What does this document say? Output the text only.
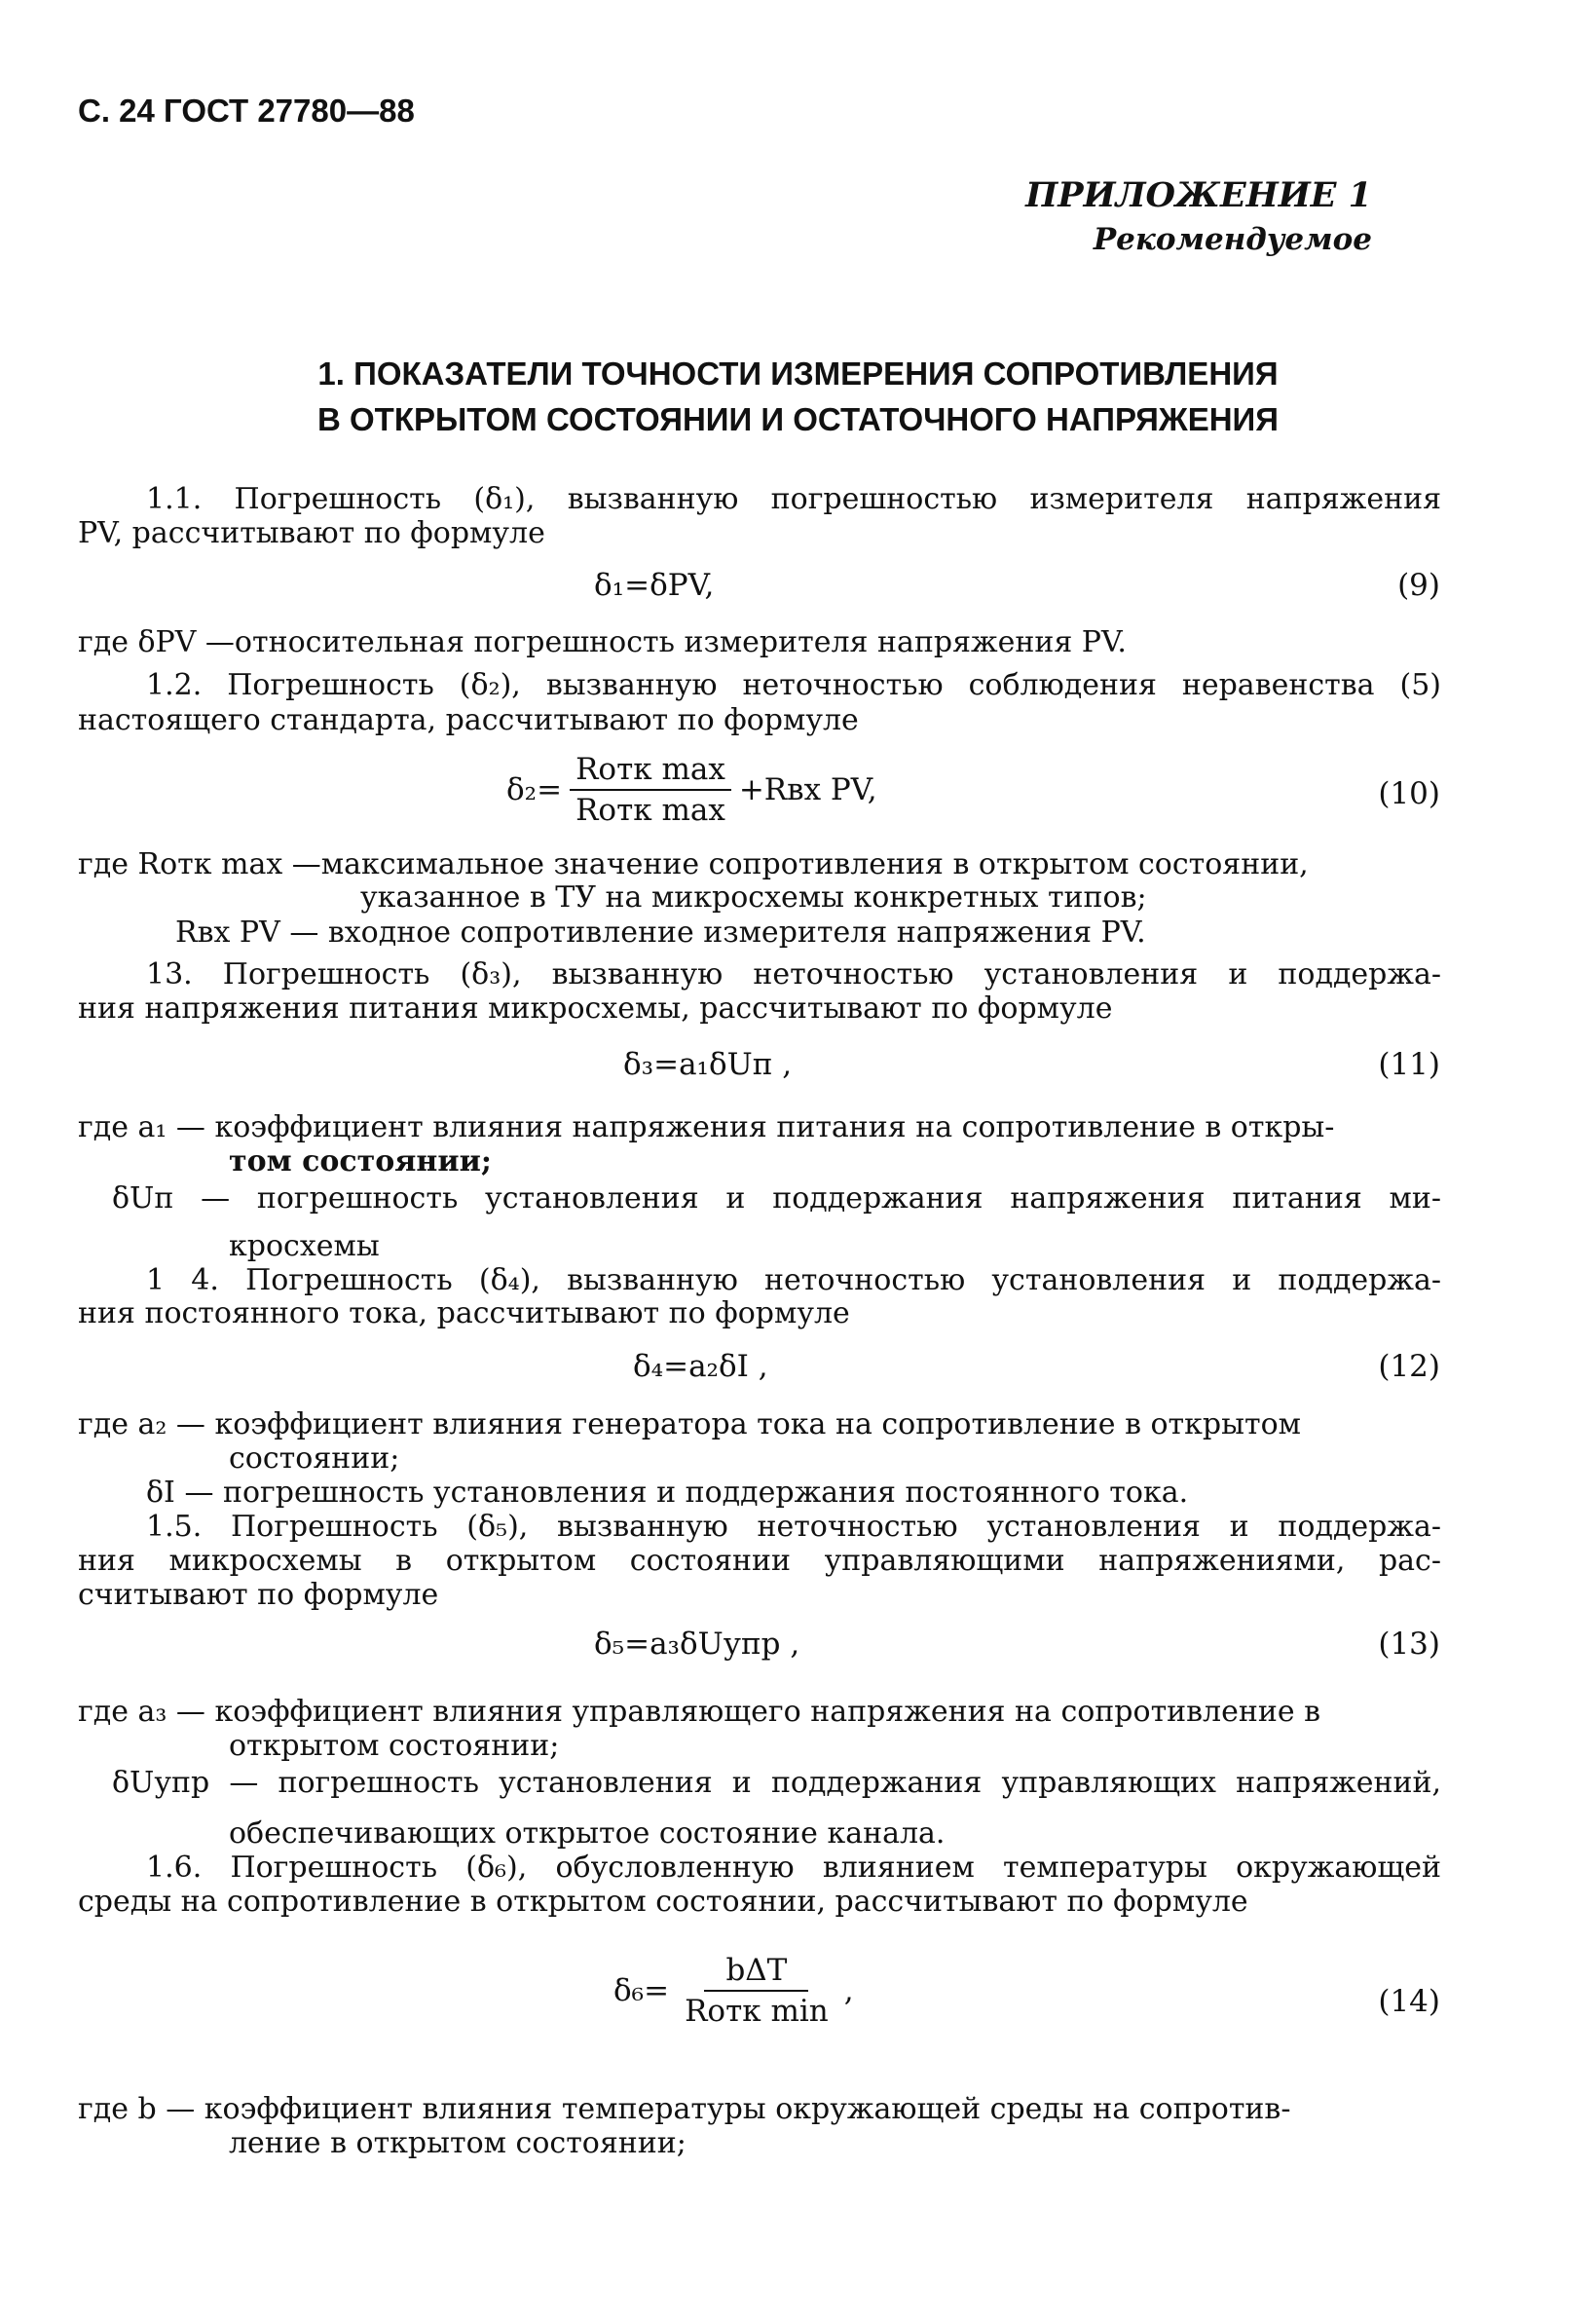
С. 24 ГОСТ 27780—88
ПРИЛОЖЕНИЕ 1
Рекомендуемое
1. ПОКАЗАТЕЛИ ТОЧНОСТИ ИЗМЕРЕНИЯ СОПРОТИВЛЕНИЯ
В ОТКРЫТОМ СОСТОЯНИИ И ОСТАТОЧНОГО НАПРЯЖЕНИЯ
1.1. Погрешность (δ₁), вызванную погрешностью измерителя напряжения
PV, рассчитывают по формуле
δ₁=δPV,	(9)
где δPV —относительная погрешность измерителя напряжения PV.
1.2. Погрешность (δ₂), вызванную неточностью соблюдения неравенства (5)
настоящего стандарта, рассчитывают по формуле
$\delta_2= \frac{\text{Rотк max}}{\text{Rотк max}} +Rвх$ PV,	(10)
где Rотк max —максимальное значение сопротивления в открытом состоянии,
указанное в ТУ на микросхемы конкретных типов;
Rвх PV — входное сопротивление измерителя напряжения PV.
13. Погрешность (δ₃), вызванную неточностью установления и поддержа-
ния напряжения питания микросхемы, рассчитывают по формуле
δ₃=a₁δUп ,	(11)
где a₁ — коэффициент влияния напряжения питания на сопротивление в откры-
том состоянии;
δUп — погрешность установления и поддержания напряжения питания ми-
кросхемы
1 4. Погрешность (δ₄), вызванную неточностью установления и поддержа-
ния постоянного тока, рассчитывают по формуле
δ₄=a₂δI ,	(12)
где a₂ — коэффициент влияния генератора тока на сопротивление в открытом
состоянии;
δI — погрешность установления и поддержания постоянного тока.
1.5. Погрешность (δ₅), вызванную неточностью установления и поддержа-
ния микросхемы в открытом состоянии управляющими напряжениями, рас-
считывают по формуле
δ₅=a₃δUупр ,	(13)
где a₃ — коэффициент влияния управляющего напряжения на сопротивление в
открытом состоянии;
δUупр — погрешность установления и поддержания управляющих напряжений,
обеспечивающих открытое состояние канала.
1.6. Погрешность (δ₆), обусловленную влиянием температуры окружающей
среды на сопротивление в открытом состоянии, рассчитывают по формуле
$\delta_6= \frac{\text{bΔT}}{\text{Rотк min}}$ ,	(14)
где b — коэффициент влияния температуры окружающей среды на сопротив-
ление в открытом состоянии;
